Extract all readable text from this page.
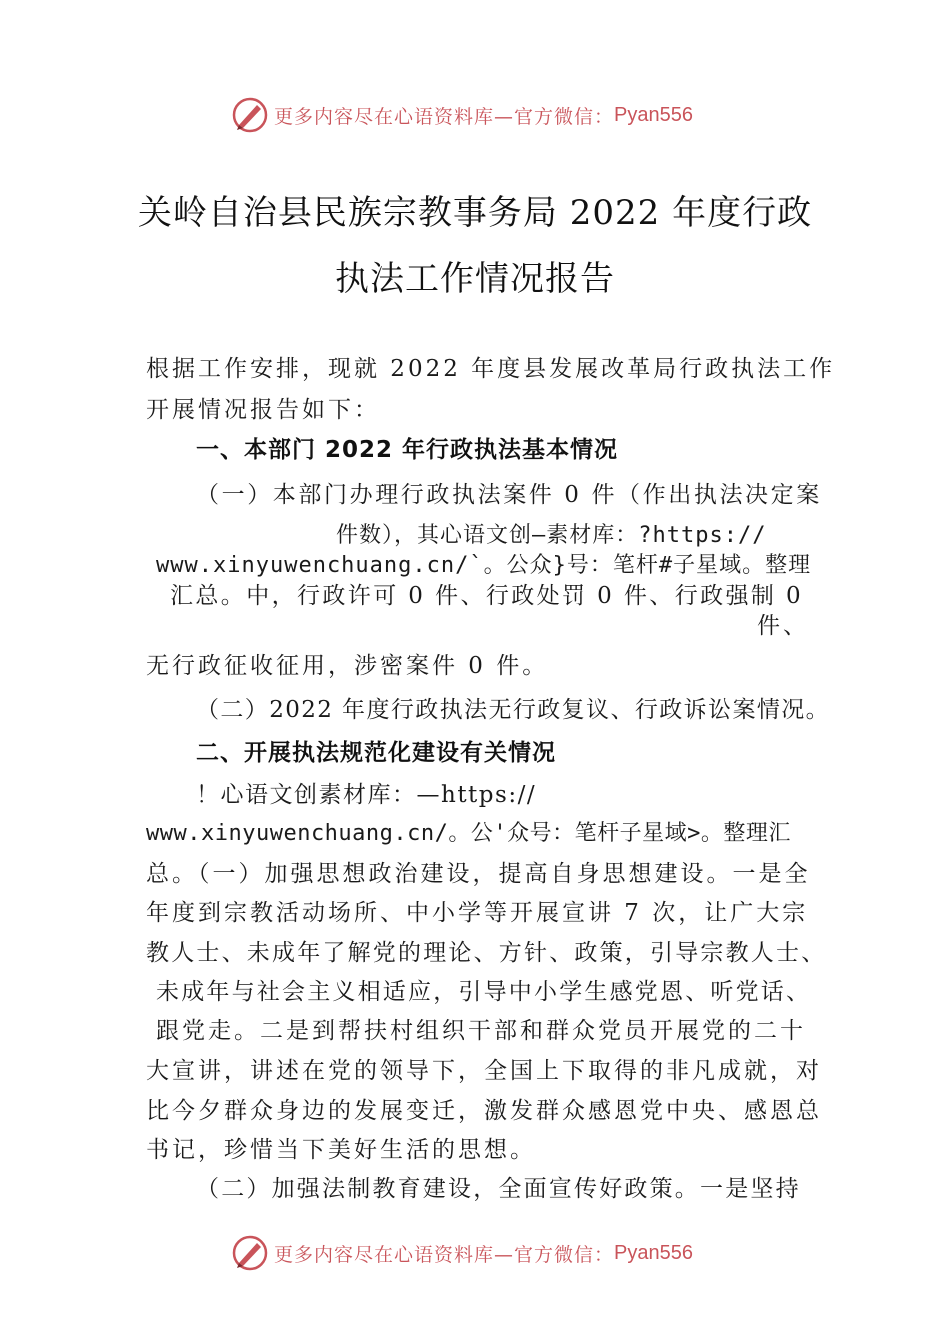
更多内容尽在心语资料库—官方微信： Pyan556
关岭自治县民族宗教事务局 2022 年度行政
执法工作情况报告
根据工作安排，现就 2022 年度县发展改革局行政执法工作
开展情况报告如下：
一、本部门 2022 年行政执法基本情况
（一）本部门办理行政执法案件 0 件（作出执法决定案
件数），其心语文创—素材库：?https://
www.xinyuwenchuang.cn/`。公众}号：笔杆#子星域。整理
汇总。中，行政许可 0 件、行政处罚 0 件、行政强制 0
件、
无行政征收征用，涉密案件 0 件。
（二）2022 年度行政执法无行政复议、行政诉讼案情况。
二、开展执法规范化建设有关情况
！心语文创素材库：—https://
www.xinyuwenchuang.cn/。公'众号：笔杆子星域>。整理汇
总。（一）加强思想政治建设，提高自身思想建设。一是全
年度到宗教活动场所、中小学等开展宣讲 7 次，让广大宗
教人士、未成年了解党的理论、方针、政策，引导宗教人士、
未成年与社会主义相适应，引导中小学生感党恩、听党话、
跟党走。二是到帮扶村组织干部和群众党员开展党的二十
大宣讲，讲述在党的领导下，全国上下取得的非凡成就，对
比今夕群众身边的发展变迁，激发群众感恩党中央、感恩总
书记，珍惜当下美好生活的思想。
（二）加强法制教育建设，全面宣传好政策。一是坚持
更多内容尽在心语资料库—官方微信： Pyan556
